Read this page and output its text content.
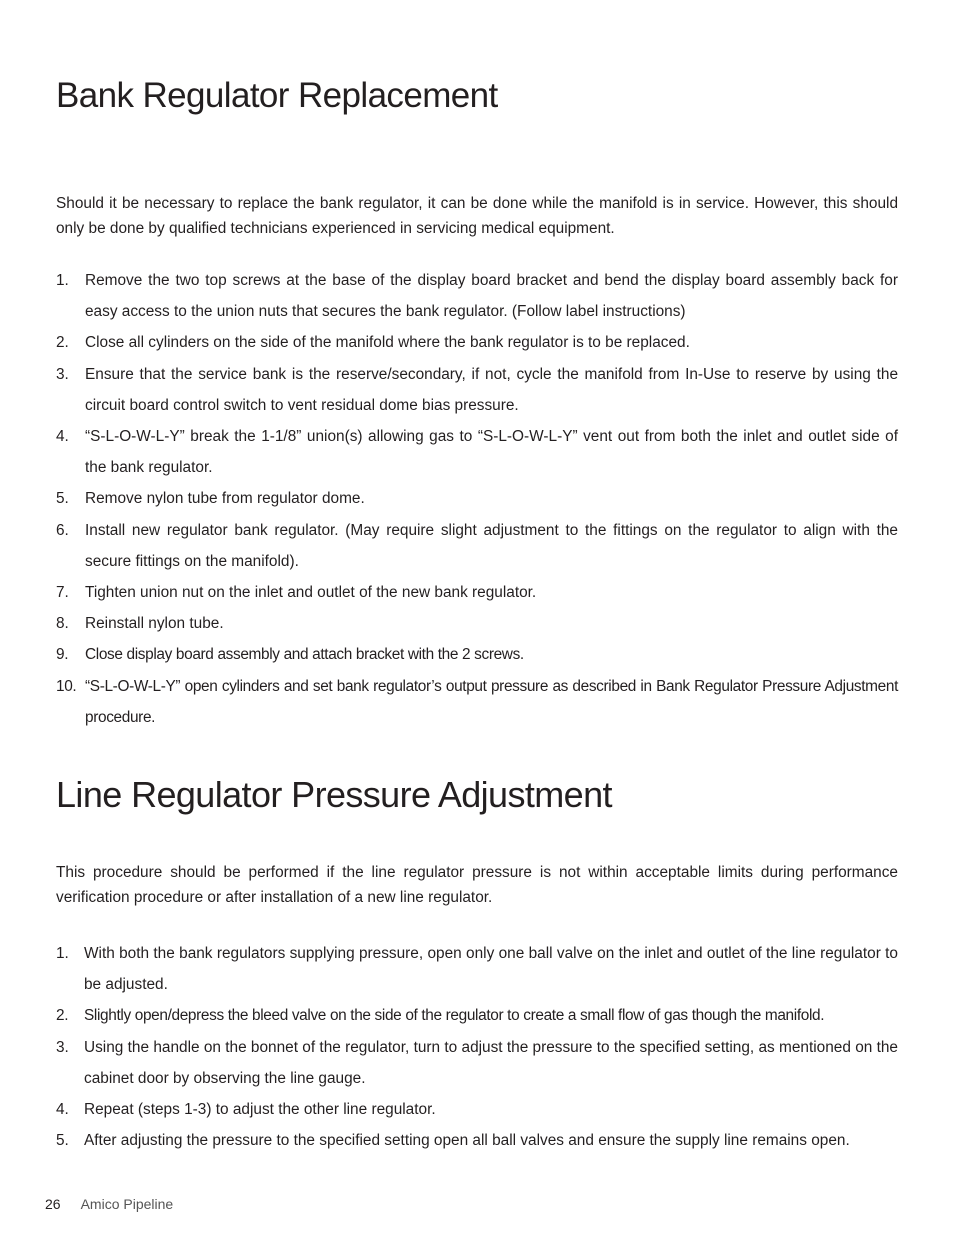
Bank Regulator Replacement

Should it be necessary to replace the bank regulator, it can be done while the manifold is in service. However, this should only be done by qualified technicians experienced in servicing medical equipment.

1. Remove the two top screws at the base of the display board bracket and bend the display board assembly back for easy access to the union nuts that secures the bank regulator. (Follow label instructions)
2. Close all cylinders on the side of the manifold where the bank regulator is to be replaced.
3. Ensure that the service bank is the reserve/secondary, if not, cycle the manifold from In-Use to reserve by using the circuit board control switch to vent residual dome bias pressure.
4. “S-L-O-W-L-Y” break the 1-1/8” union(s) allowing gas to “S-L-O-W-L-Y” vent out from both the inlet and outlet side of the bank regulator.
5. Remove nylon tube from regulator dome.
6. Install new regulator bank regulator. (May require slight adjustment to the fittings on the regulator to align with the secure fittings on the manifold).
7. Tighten union nut on the inlet and outlet of the new bank regulator.
8. Reinstall nylon tube.
9. Close display board assembly and attach bracket with the 2 screws.
10. “S-L-O-W-L-Y” open cylinders and set bank regulator’s output pressure as described in Bank Regulator Pressure Adjustment procedure.
Line Regulator Pressure Adjustment

This procedure should be performed if the line regulator pressure is not within acceptable limits during performance verification procedure or after installation of a new line regulator.

1. With both the bank regulators supplying pressure, open only one ball valve on the inlet and outlet of the line regulator to be adjusted.
2. Slightly open/depress the bleed valve on the side of the regulator to create a small flow of gas though the manifold.
3. Using the handle on the bonnet of the regulator, turn to adjust the pressure to the specified setting, as mentioned on the cabinet door by observing the line gauge.
4. Repeat (steps 1-3) to adjust the other line regulator.
5. After adjusting the pressure to the specified setting open all ball valves and ensure the supply line remains open.
26 Amico Pipeline
